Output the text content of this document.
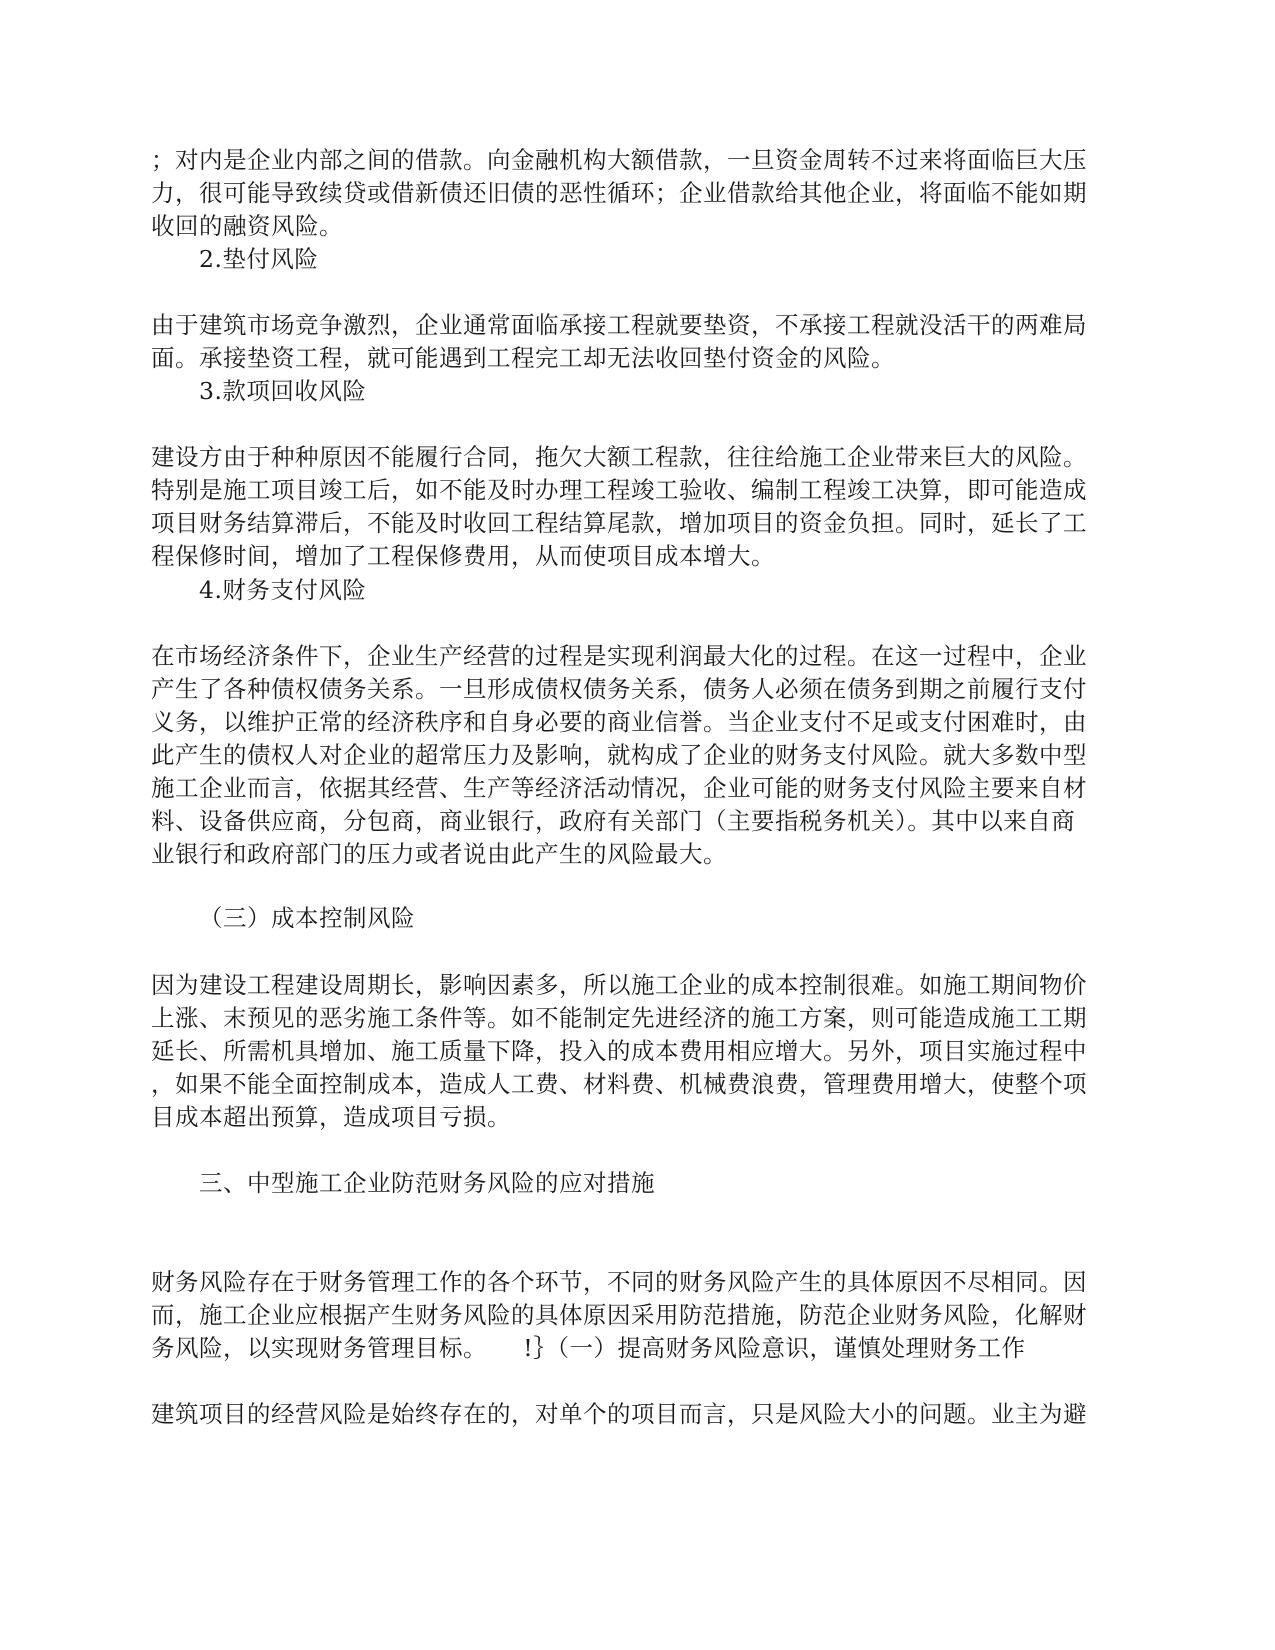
；对内是企业内部之间的借款。向金融机构大额借款，一旦资金周转不过来将面临巨大压
力，很可能导致续贷或借新债还旧债的恶性循环；企业借款给其他企业，将面临不能如期
收回的融资风险。

2.垫付风险

由于建筑市场竞争激烈，企业通常面临承接工程就要垫资，不承接工程就没活干的两难局
面。承接垫资工程，就可能遇到工程完工却无法收回垫付资金的风险。

3.款项回收风险

建设方由于种种原因不能履行合同，拖欠大额工程款，往往给施工企业带来巨大的风险。
特别是施工项目竣工后，如不能及时办理工程竣工验收、编制工程竣工决算，即可能造成
项目财务结算滞后，不能及时收回工程结算尾款，增加项目的资金负担。同时，延长了工
程保修时间，增加了工程保修费用，从而使项目成本增大。

4.财务支付风险

在市场经济条件下，企业生产经营的过程是实现利润最大化的过程。在这一过程中，企业
产生了各种债权债务关系。一旦形成债权债务关系，债务人必须在债务到期之前履行支付
义务，以维护正常的经济秩序和自身必要的商业信誉。当企业支付不足或支付困难时，由
此产生的债权人对企业的超常压力及影响，就构成了企业的财务支付风险。就大多数中型
施工企业而言，依据其经营、生产等经济活动情况，企业可能的财务支付风险主要来自材
料、设备供应商，分包商，商业银行，政府有关部门（主要指税务机关）。其中以来自商
业银行和政府部门的压力或者说由此产生的风险最大。

（三）成本控制风险

因为建设工程建设周期长，影响因素多，所以施工企业的成本控制很难。如施工期间物价
上涨、末预见的恶劣施工条件等。如不能制定先进经济的施工方案，则可能造成施工工期
延长、所需机具增加、施工质量下降，投入的成本费用相应增大。另外，项目实施过程中
，如果不能全面控制成本，造成人工费、材料费、机械费浪费，管理费用增大，使整个项
目成本超出预算，造成项目亏损。

三、中型施工企业防范财务风险的应对措施

财务风险存在于财务管理工作的各个环节，不同的财务风险产生的具体原因不尽相同。因
而，施工企业应根据产生财务风险的具体原因采用防范措施，防范企业财务风险，化解财
务风险，以实现财务管理目标。　　!｝（一）提高财务风险意识，谨慎处理财务工作

建筑项目的经营风险是始终存在的，对单个的项目而言，只是风险大小的问题。业主为避
